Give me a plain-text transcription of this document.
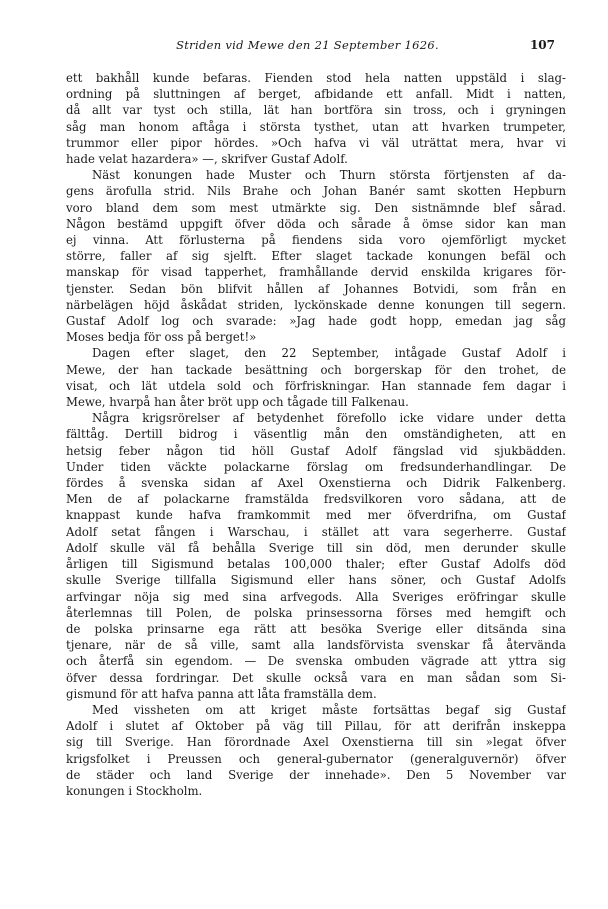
Striden vid Mewe den 21 September 1626.	107
ett bakhåll kunde befaras. Fienden stod hela natten uppstäld i slag-
ordning på sluttningen af berget, afbidande ett anfall. Midt i natten,
då allt var tyst och stilla, lät han bortföra sin tross, och i gryningen
såg man honom aftåga i största tysthet, utan att hvarken trumpeter,
trummor eller pipor hördes. »Och hafva vi väl uträttat mera, hvar vi
hade velat hazardera» —, skrifver Gustaf Adolf.
Näst konungen hade Muster och Thurn största förtjensten af da-
gens ärofulla strid. Nils Brahe och Johan Banér samt skotten Hepburn
voro bland dem som mest utmärkte sig. Den sistnämnde blef sårad.
Någon bestämd uppgift öfver döda och sårade å ömse sidor kan man
ej vinna. Att förlusterna på fiendens sida voro ojemförligt mycket
större, faller af sig sjelft. Efter slaget tackade konungen befäl och
manskap för visad tapperhet, framhållande dervid enskilda krigares för-
tjenster. Sedan bön blifvit hållen af Johannes Botvidi, som från en
närbelägen höjd åskådat striden, lyckönskade denne konungen till segern.
Gustaf Adolf log och svarade: »Jag hade godt hopp, emedan jag såg
Moses bedja för oss på berget!»
Dagen efter slaget, den 22 September, intågade Gustaf Adolf i
Mewe, der han tackade besättning och borgerskap för den trohet, de
visat, och lät utdela sold och förfriskningar. Han stannade fem dagar i
Mewe, hvarpå han åter bröt upp och tågade till Falkenau.
Några krigsrörelser af betydenhet förefollo icke vidare under detta
fälttåg. Dertill bidrog i väsentlig mån den omständigheten, att en
hetsig feber någon tid höll Gustaf Adolf fängslad vid sjukbädden.
Under tiden väckte polackarne förslag om fredsunderhandlingar. De
fördes å svenska sidan af Axel Oxenstierna och Didrik Falkenberg.
Men de af polackarne framstälda fredsvilkoren voro sådana, att de
knappast kunde hafva framkommit med mer öfverdrifna, om Gustaf
Adolf setat fången i Warschau, i stället att vara segerherre. Gustaf
Adolf skulle väl få behålla Sverige till sin död, men derunder skulle
årligen till Sigismund betalas 100,000 thaler; efter Gustaf Adolfs död
skulle Sverige tillfalla Sigismund eller hans söner, och Gustaf Adolfs
arfvingar nöja sig med sina arfvegods. Alla Sveriges eröfringar skulle
återlemnas till Polen, de polska prinsessorna förses med hemgift och
de polska prinsarne ega rätt att besöka Sverige eller ditsända sina
tjenare, när de så ville, samt alla landsförvista svenskar få återvända
och återfå sin egendom. — De svenska ombuden vägrade att yttra sig
öfver dessa fordringar. Det skulle också vara en man sådan som Si-
gismund för att hafva panna att låta framställa dem.
Med vissheten om att kriget måste fortsättas begaf sig Gustaf
Adolf i slutet af Oktober på väg till Pillau, för att derifrån inskeppa
sig till Sverige. Han förordnade Axel Oxenstierna till sin »legat öfver
krigsfolket i Preussen och general-gubernator (generalguvernör) öfver
de städer och land Sverige der innehade». Den 5 November var
konungen i Stockholm.
